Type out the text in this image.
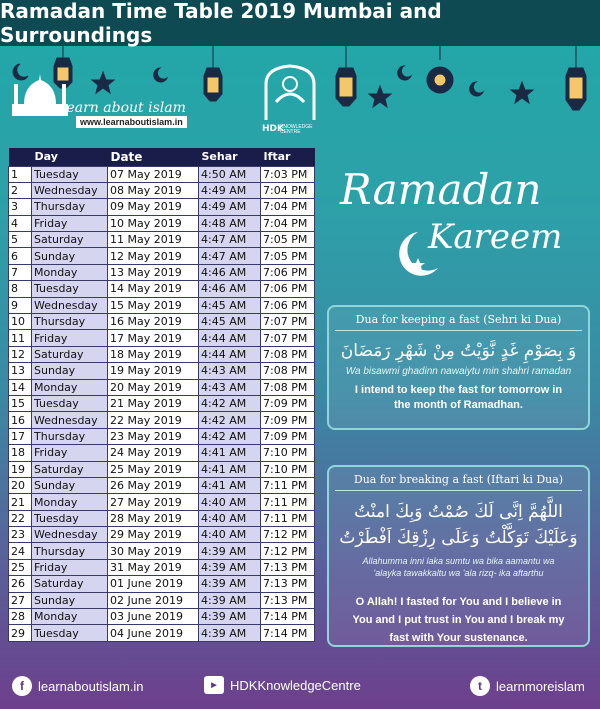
Ramadan Time Table 2019 Mumbai and Surroundings
learn about islam
www.learnaboutislam.in
HDK
KNOWLEDGE CENTRE
	Day	Date	Sehar	Iftar
1	Tuesday	07 May 2019	4:50 AM	7:03 PM
2	Wednesday	08 May 2019	4:49 AM	7:04 PM
3	Thursday	09 May 2019	4:49 AM	7:04 PM
4	Friday	10 May 2019	4:48 AM	7:04 PM
5	Saturday	11 May 2019	4:47 AM	7:05 PM
6	Sunday	12 May 2019	4:47 AM	7:05 PM
7	Monday	13 May 2019	4:46 AM	7:06 PM
8	Tuesday	14 May 2019	4:46 AM	7:06 PM
9	Wednesday	15 May 2019	4:45 AM	7:06 PM
10	Thursday	16 May 2019	4:45 AM	7:07 PM
11	Friday	17 May 2019	4:44 AM	7:07 PM
12	Saturday	18 May 2019	4:44 AM	7:08 PM
13	Sunday	19 May 2019	4:43 AM	7:08 PM
14	Monday	20 May 2019	4:43 AM	7:08 PM
15	Tuesday	21 May 2019	4:42 AM	7:09 PM
16	Wednesday	22 May 2019	4:42 AM	7:09 PM
17	Thursday	23 May 2019	4:42 AM	7:09 PM
18	Friday	24 May 2019	4:41 AM	7:10 PM
19	Saturday	25 May 2019	4:41 AM	7:10 PM
20	Sunday	26 May 2019	4:41 AM	7:11 PM
21	Monday	27 May 2019	4:40 AM	7:11 PM
22	Tuesday	28 May 2019	4:40 AM	7:11 PM
23	Wednesday	29 May 2019	4:40 AM	7:12 PM
24	Thursday	30 May 2019	4:39 AM	7:12 PM
25	Friday	31 May 2019	4:39 AM	7:13 PM
26	Saturday	01 June 2019	4:39 AM	7:13 PM
27	Sunday	02 June 2019	4:39 AM	7:13 PM
28	Monday	03 June 2019	4:39 AM	7:14 PM
29	Tuesday	04 June 2019	4:39 AM	7:14 PM
Ramadan
Kareem
Dua for keeping a fast (Sehri ki Dua)
وَ بِصَوْمِ غَدٍ نَّوَيْتُ مِنْ شَهْرِ رَمَضَانَ
Wa bisawmi ghadinn nawaiytu min shahri ramadan
I intend to keep the fast for tomorrow in the month of Ramadhan.
Dua for breaking a fast (Iftari ki Dua)
اللَّهُمَّ اِنَّى لَكَ صُمْتُ وَبِكَ امنْتُ
وَعَلَيْكَ تَوَكَّلْتُ وَعَلَى رِزْقِكَ اَفْطَرْتُ
Allahumma inni laka sumtu wa bika aamantu wa 'alayka tawakkaltu wa 'ala rizq- ika aftarthu
O Allah! I fasted for You and I believe in You and I put trust in You and I break my fast with Your sustenance.
f	learnaboutislam.in	▶	HDKKnowledgeCentre	t	learnmoreislam
